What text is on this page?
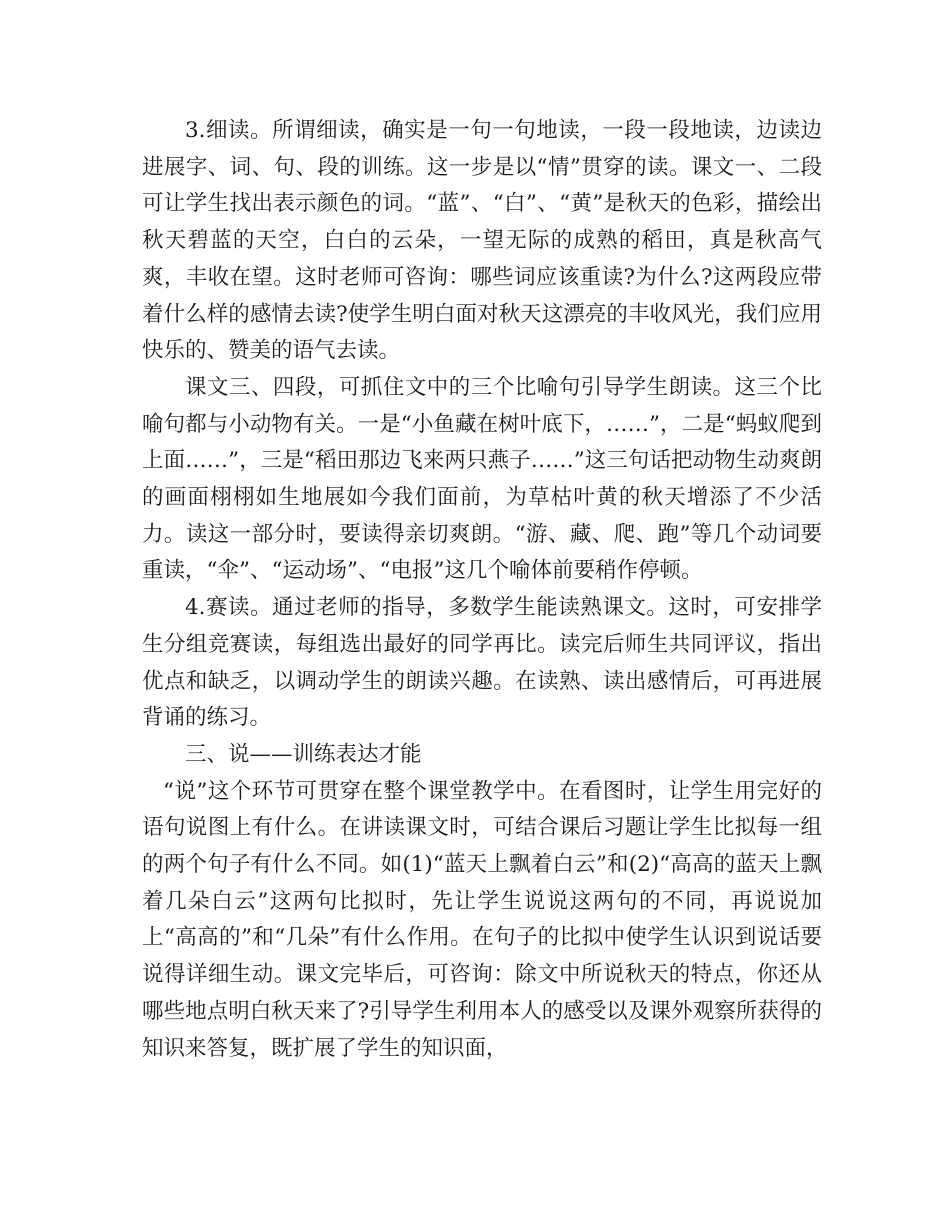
3.细读。所谓细读，确实是一句一句地读，一段一段地读，边读边进展字、词、句、段的训练。这一步是以“情”贯穿的读。课文一、二段可让学生找出表示颜色的词。“蓝”、“白”、“黄”是秋天的色彩，描绘出秋天碧蓝的天空，白白的云朵，一望无际的成熟的稻田，真是秋高气爽，丰收在望。这时老师可咨询：哪些词应该重读?为什么?这两段应带着什么样的感情去读?使学生明白面对秋天这漂亮的丰收风光，我们应用快乐的、赞美的语气去读。

课文三、四段，可抓住文中的三个比喻句引导学生朗读。这三个比喻句都与小动物有关。一是“小鱼藏在树叶底下，……”，二是“蚂蚁爬到上面……”，三是“稻田那边飞来两只燕子……”这三句话把动物生动爽朗的画面栩栩如生地展如今我们面前，为草枯叶黄的秋天增添了不少活力。读这一部分时，要读得亲切爽朗。“游、藏、爬、跑”等几个动词要重读，“伞”、“运动场”、“电报”这几个喻体前要稍作停顿。

4.赛读。通过老师的指导，多数学生能读熟课文。这时，可安排学生分组竞赛读，每组选出最好的同学再比。读完后师生共同评议，指出优点和缺乏，以调动学生的朗读兴趣。在读熟、读出感情后，可再进展背诵的练习。

三、说——训练表达才能

“说”这个环节可贯穿在整个课堂教学中。在看图时，让学生用完好的语句说图上有什么。在讲读课文时，可结合课后习题让学生比拟每一组的两个句子有什么不同。如(1)“蓝天上飘着白云”和(2)“高高的蓝天上飘着几朵白云”这两句比拟时，先让学生说说这两句的不同，再说说加上“高高的”和“几朵”有什么作用。在句子的比拟中使学生认识到说话要说得详细生动。课文完毕后，可咨询：除文中所说秋天的特点，你还从哪些地点明白秋天来了?引导学生利用本人的感受以及课外观察所获得的知识来答复，既扩展了学生的知识面，
